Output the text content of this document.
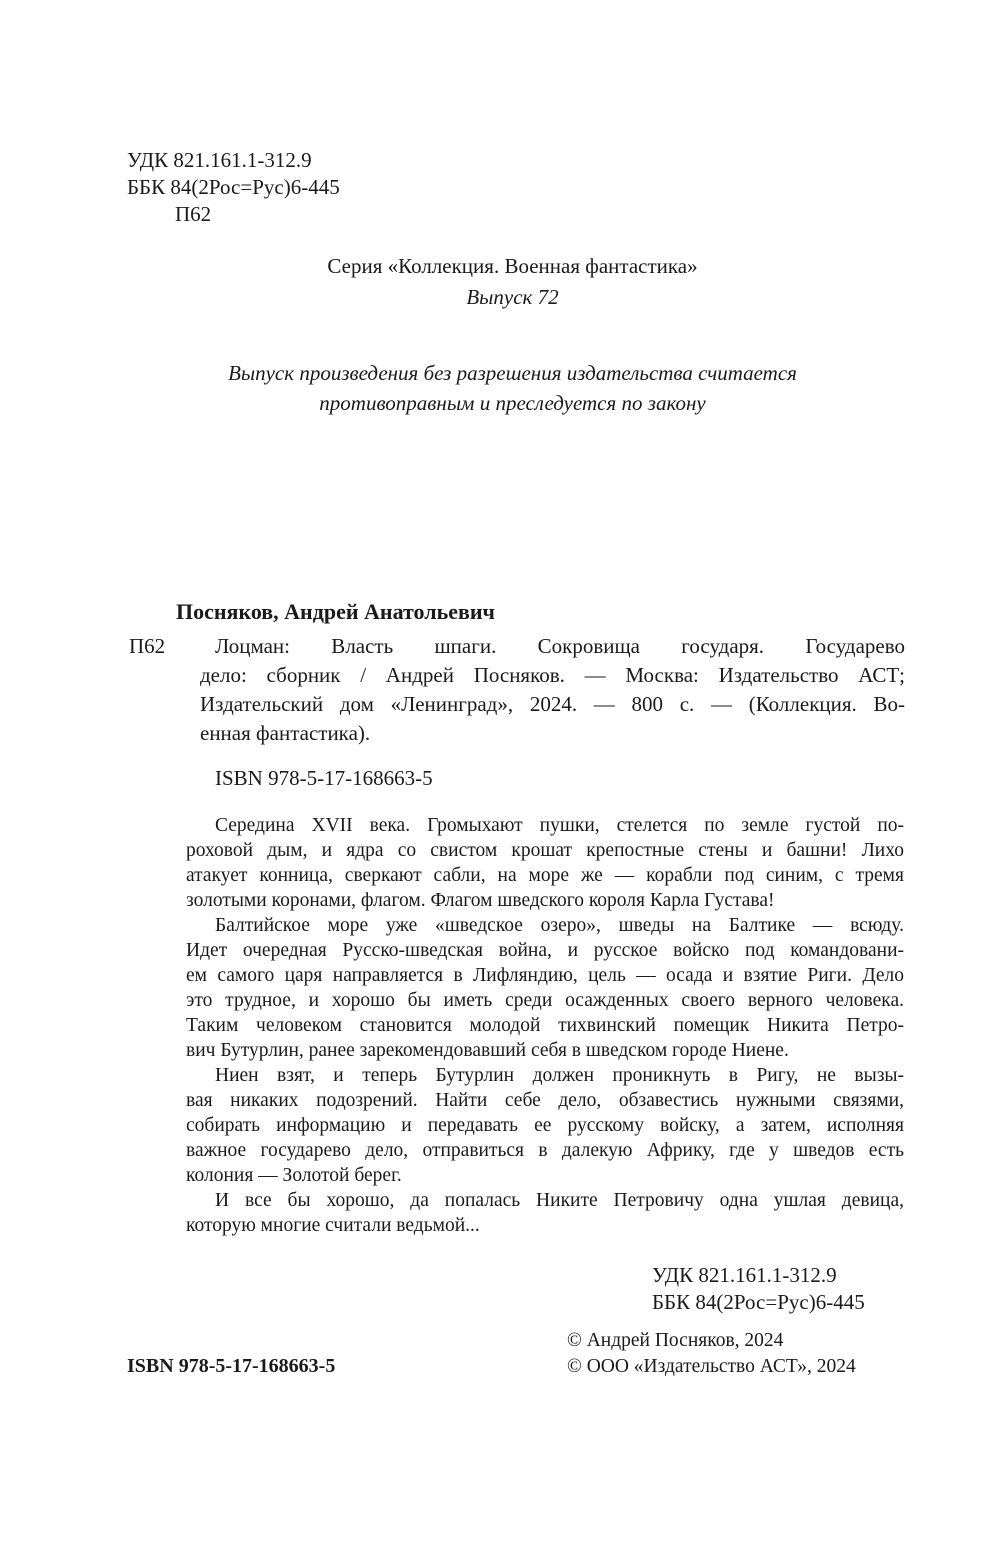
УДК 821.161.1-312.9
ББК 84(2Рос=Рус)6-445
П62
Серия «Коллекция. Военная фантастика»
Выпуск 72
Выпуск произведения без разрешения издательства считается
противоправным и преследуется по закону
Посняков, Андрей Анатольевич
П62 Лоцман: Власть шпаги. Сокровища государя. Государево
дело: сборник / Андрей Посняков. — Москва: Издательство АСТ;
Издательский дом «Ленинград», 2024. — 800 с. — (Коллекция. Во-
енная фантастика).
ISBN 978-5-17-168663-5
Середина XVII века. Громыхают пушки, стелется по земле густой по-
роховой дым, и ядра со свистом крошат крепостные стены и башни! Лихо
атакует конница, сверкают сабли, на море же — корабли под синим, с тремя
золотыми коронами, флагом. Флагом шведского короля Карла Густава!
Балтийское море уже «шведское озеро», шведы на Балтике — всюду.
Идет очередная Русско-шведская война, и русское войско под командовани-
ем самого царя направляется в Лифляндию, цель — осада и взятие Риги. Дело
это трудное, и хорошо бы иметь среди осажденных своего верного человека.
Таким человеком становится молодой тихвинский помещик Никита Петро-
вич Бутурлин, ранее зарекомендовавший себя в шведском городе Ниене.
Ниен взят, и теперь Бутурлин должен проникнуть в Ригу, не вызы-
вая никаких подозрений. Найти себе дело, обзавестись нужными связями,
собирать информацию и передавать ее русскому войску, а затем, исполняя
важное государево дело, отправиться в далекую Африку, где у шведов есть
колония — Золотой берег.
И все бы хорошо, да попалась Никите Петровичу одна ушлая девица,
которую многие считали ведьмой...
УДК 821.161.1-312.9
ББК 84(2Рос=Рус)6-445
ISBN 978-5-17-168663-5
© Андрей Посняков, 2024
© ООО «Издательство АСТ», 2024
